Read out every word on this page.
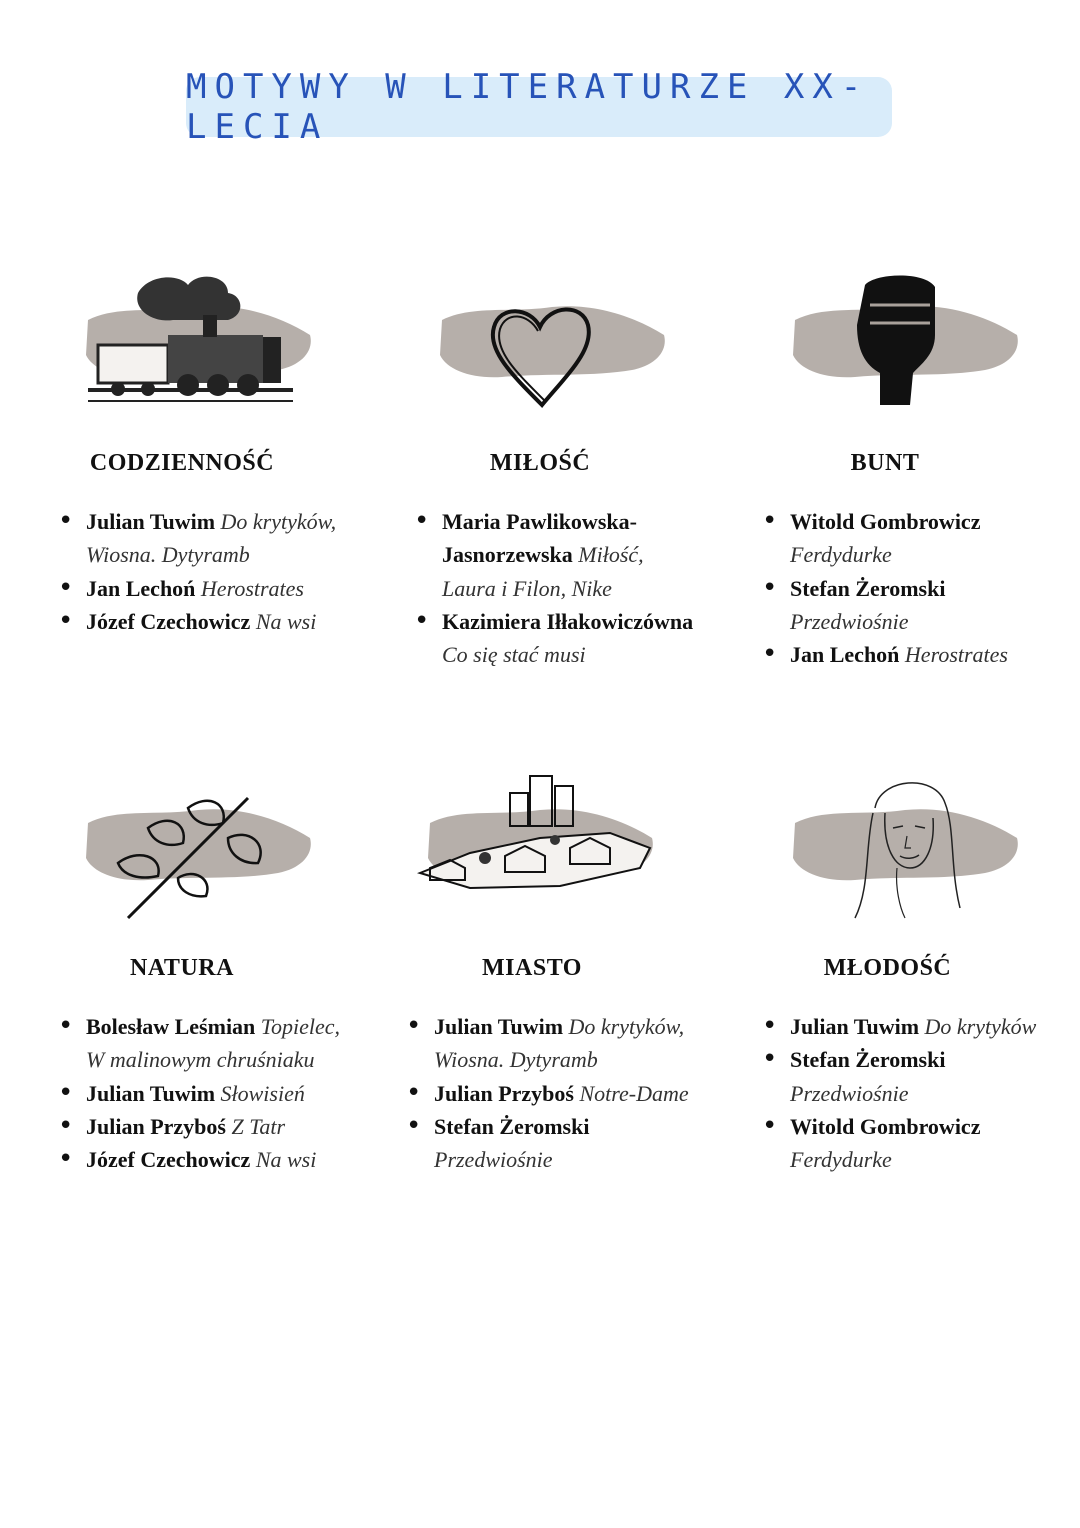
MOTYWY W LITERATURZE XX-LECIA
CODZIENNOŚĆ
• Julian Tuwim Do krytyków, Wiosna. Dytyramb
• Jan Lechoń Herostrates
• Józef Czechowicz Na wsi
MIŁOŚĆ
• Maria Pawlikowska-Jasnorzewska Miłość, Laura i Filon, Nike
• Kazimiera Iłłakowiczówna Co się stać musi
BUNT
• Witold Gombrowicz Ferdydurke
• Stefan Żeromski Przedwiośnie
• Jan Lechoń Herostrates
NATURA
• Bolesław Leśmian Topielec, W malinowym chruśniaku
• Julian Tuwim Słowisień
• Julian Przyboś Z Tatr
• Józef Czechowicz Na wsi
MIASTO
• Julian Tuwim Do krytyków, Wiosna. Dytyramb
• Julian Przyboś Notre-Dame
• Stefan Żeromski Przedwiośnie
MŁODOŚĆ
• Julian Tuwim Do krytyków
• Stefan Żeromski Przedwiośnie
• Witold Gombrowicz Ferdydurke
